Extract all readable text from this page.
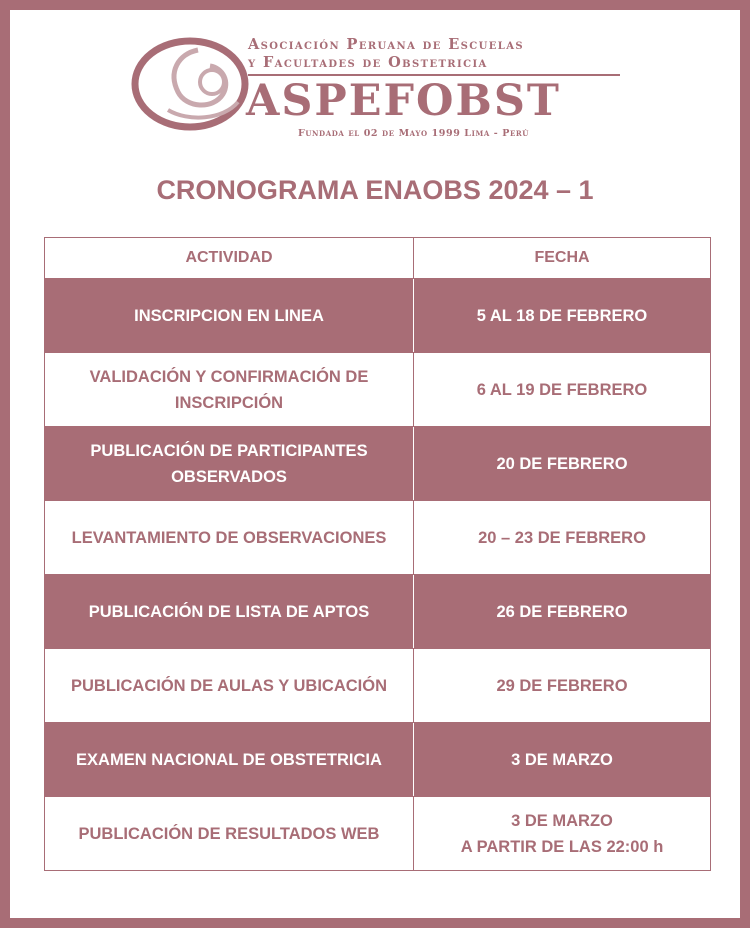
Asociación Peruana de Escuelas
y Facultades de Obstetricia
ASPEFOBST
Fundada el 02 de Mayo 1999 Lima - Perú
CRONOGRAMA ENAOBS 2024 – 1
ACTIVIDAD	FECHA
INSCRIPCION EN LINEA	5 AL 18 DE FEBRERO
VALIDACIÓN Y CONFIRMACIÓN DE INSCRIPCIÓN	6 AL 19 DE FEBRERO
PUBLICACIÓN DE PARTICIPANTES OBSERVADOS	20 DE FEBRERO
LEVANTAMIENTO DE OBSERVACIONES	20 – 23 DE FEBRERO
PUBLICACIÓN DE LISTA DE APTOS	26 DE FEBRERO
PUBLICACIÓN DE AULAS Y UBICACIÓN	29 DE FEBRERO
EXAMEN NACIONAL DE OBSTETRICIA	3 DE MARZO
PUBLICACIÓN DE RESULTADOS WEB	3 DE MARZO
A PARTIR DE LAS 22:00 h
